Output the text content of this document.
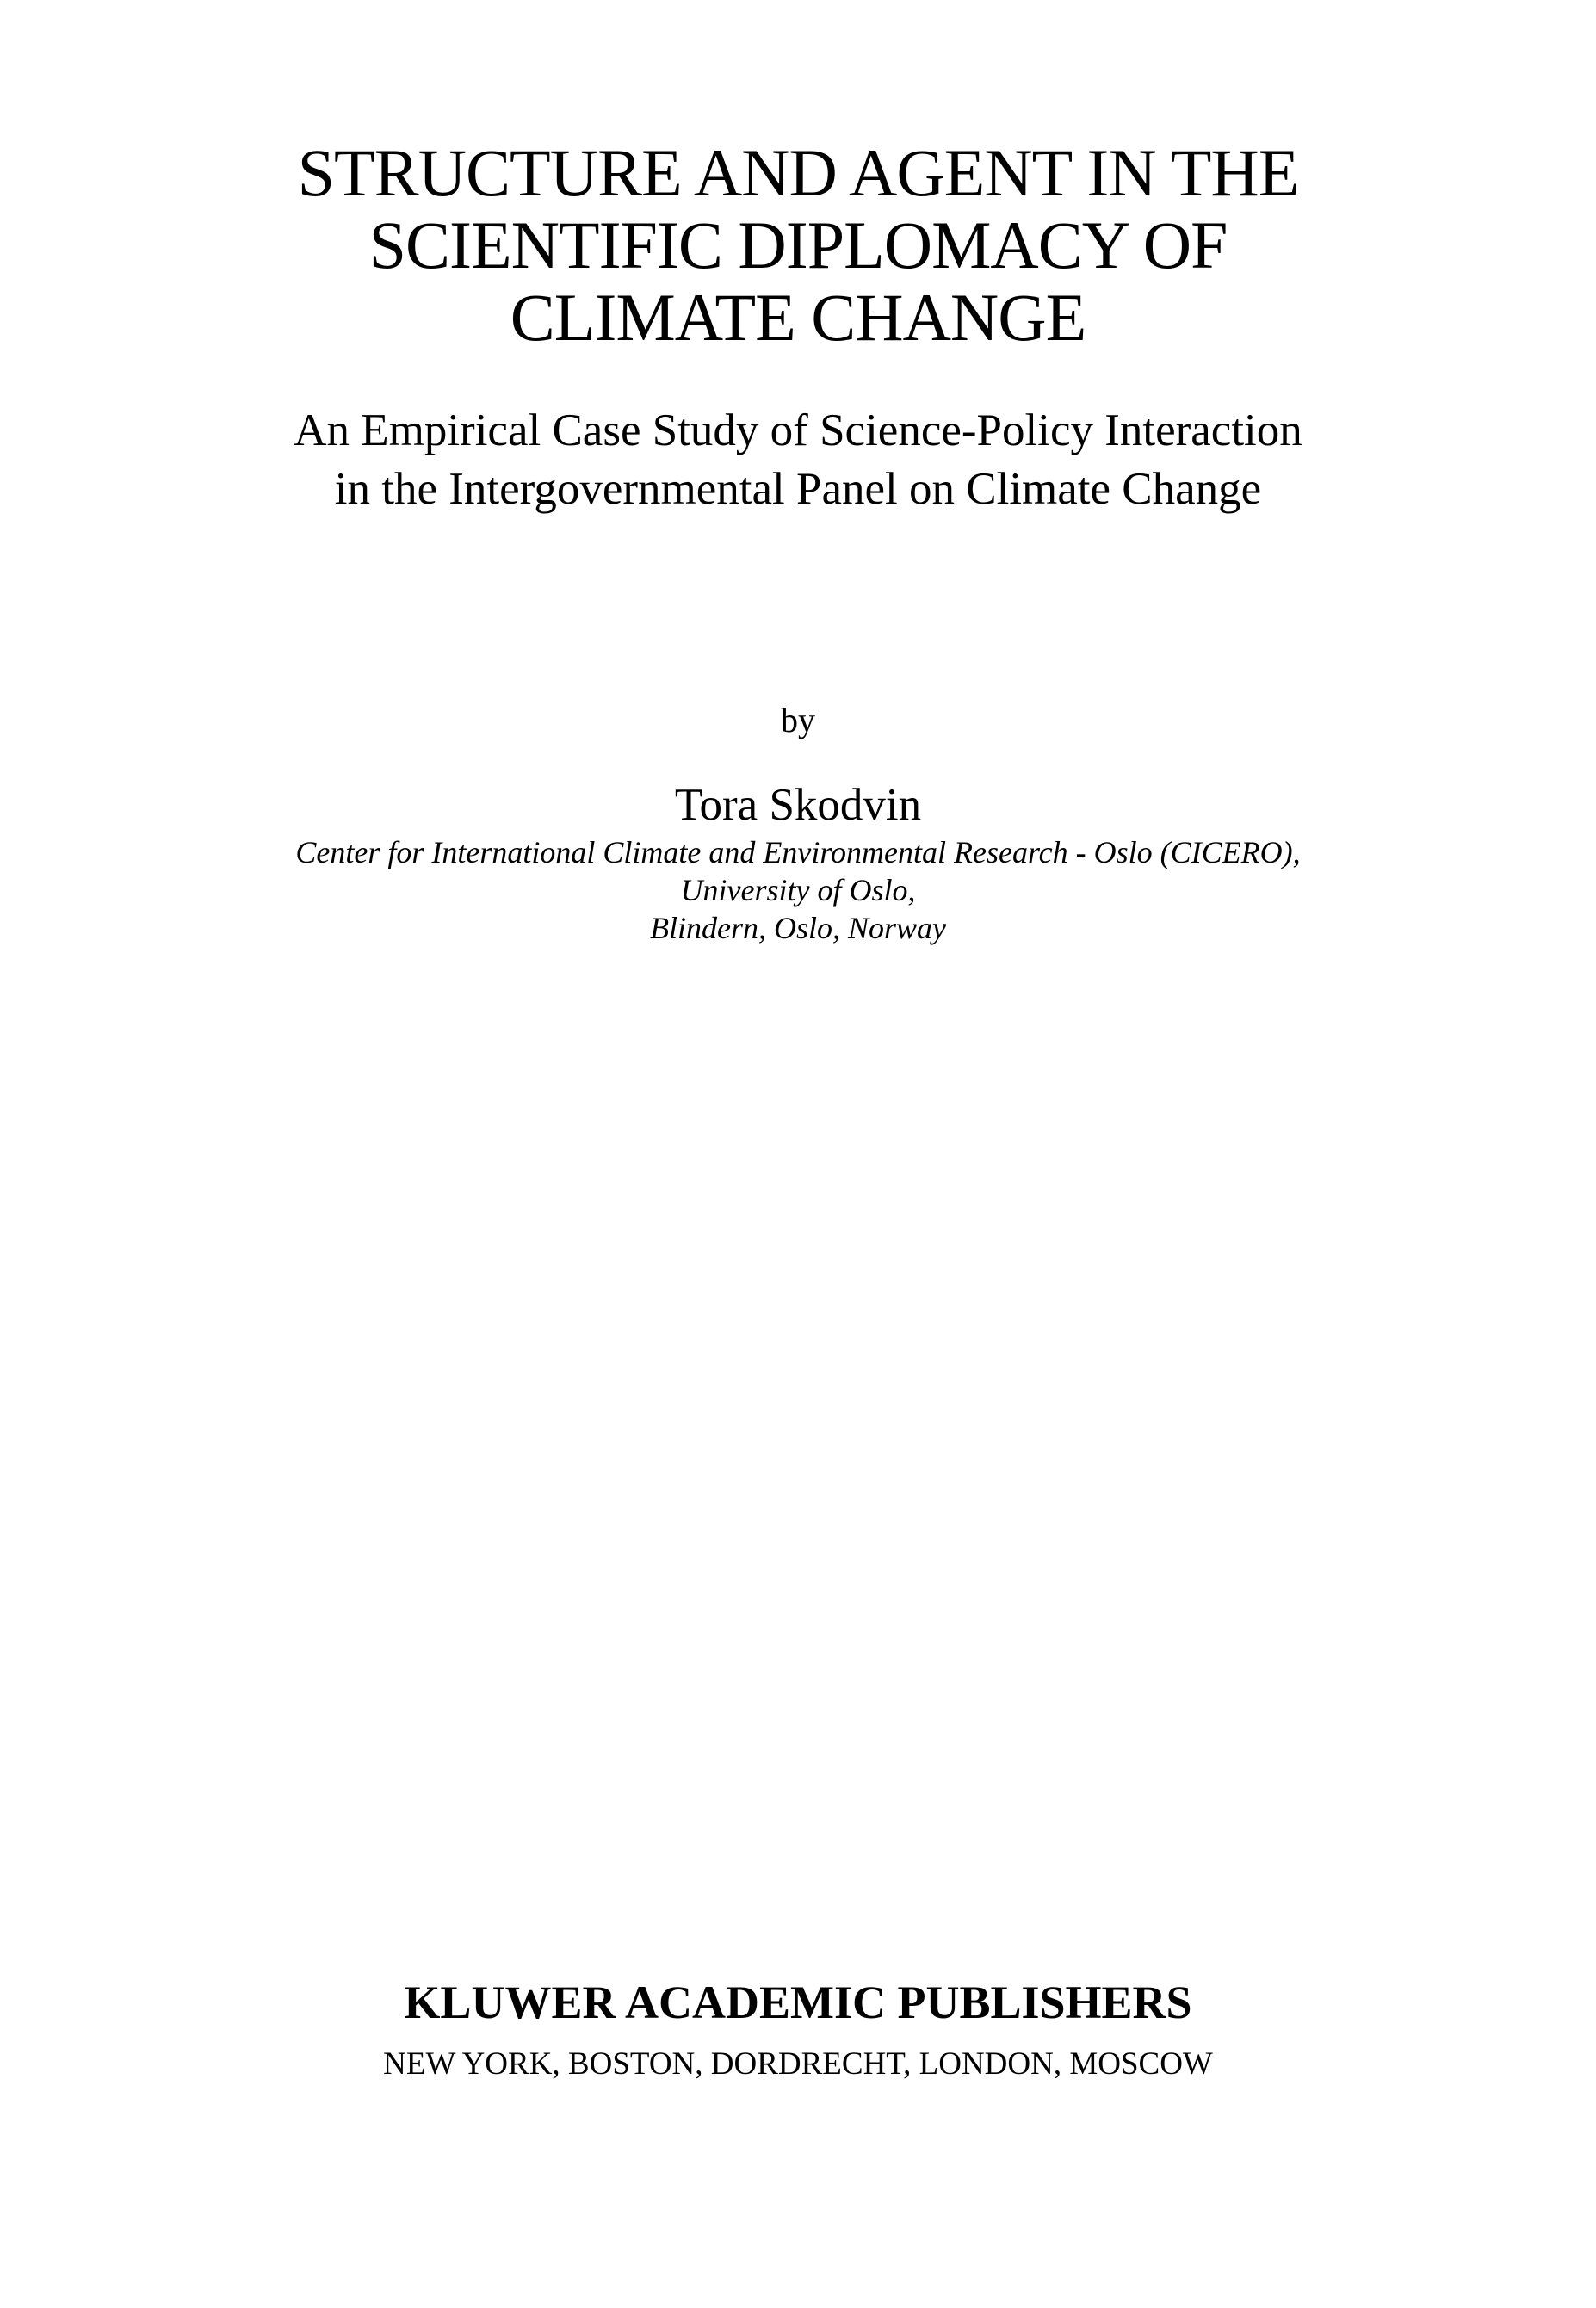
STRUCTURE AND AGENT IN THE
SCIENTIFIC DIPLOMACY OF
CLIMATE CHANGE
An Empirical Case Study of Science-Policy Interaction
in the Intergovernmental Panel on Climate Change
by
Tora Skodvin
Center for International Climate and Environmental Research - Oslo (CICERO),
University of Oslo,
Blindern, Oslo, Norway
KLUWER ACADEMIC PUBLISHERS
NEW YORK, BOSTON, DORDRECHT, LONDON, MOSCOW
